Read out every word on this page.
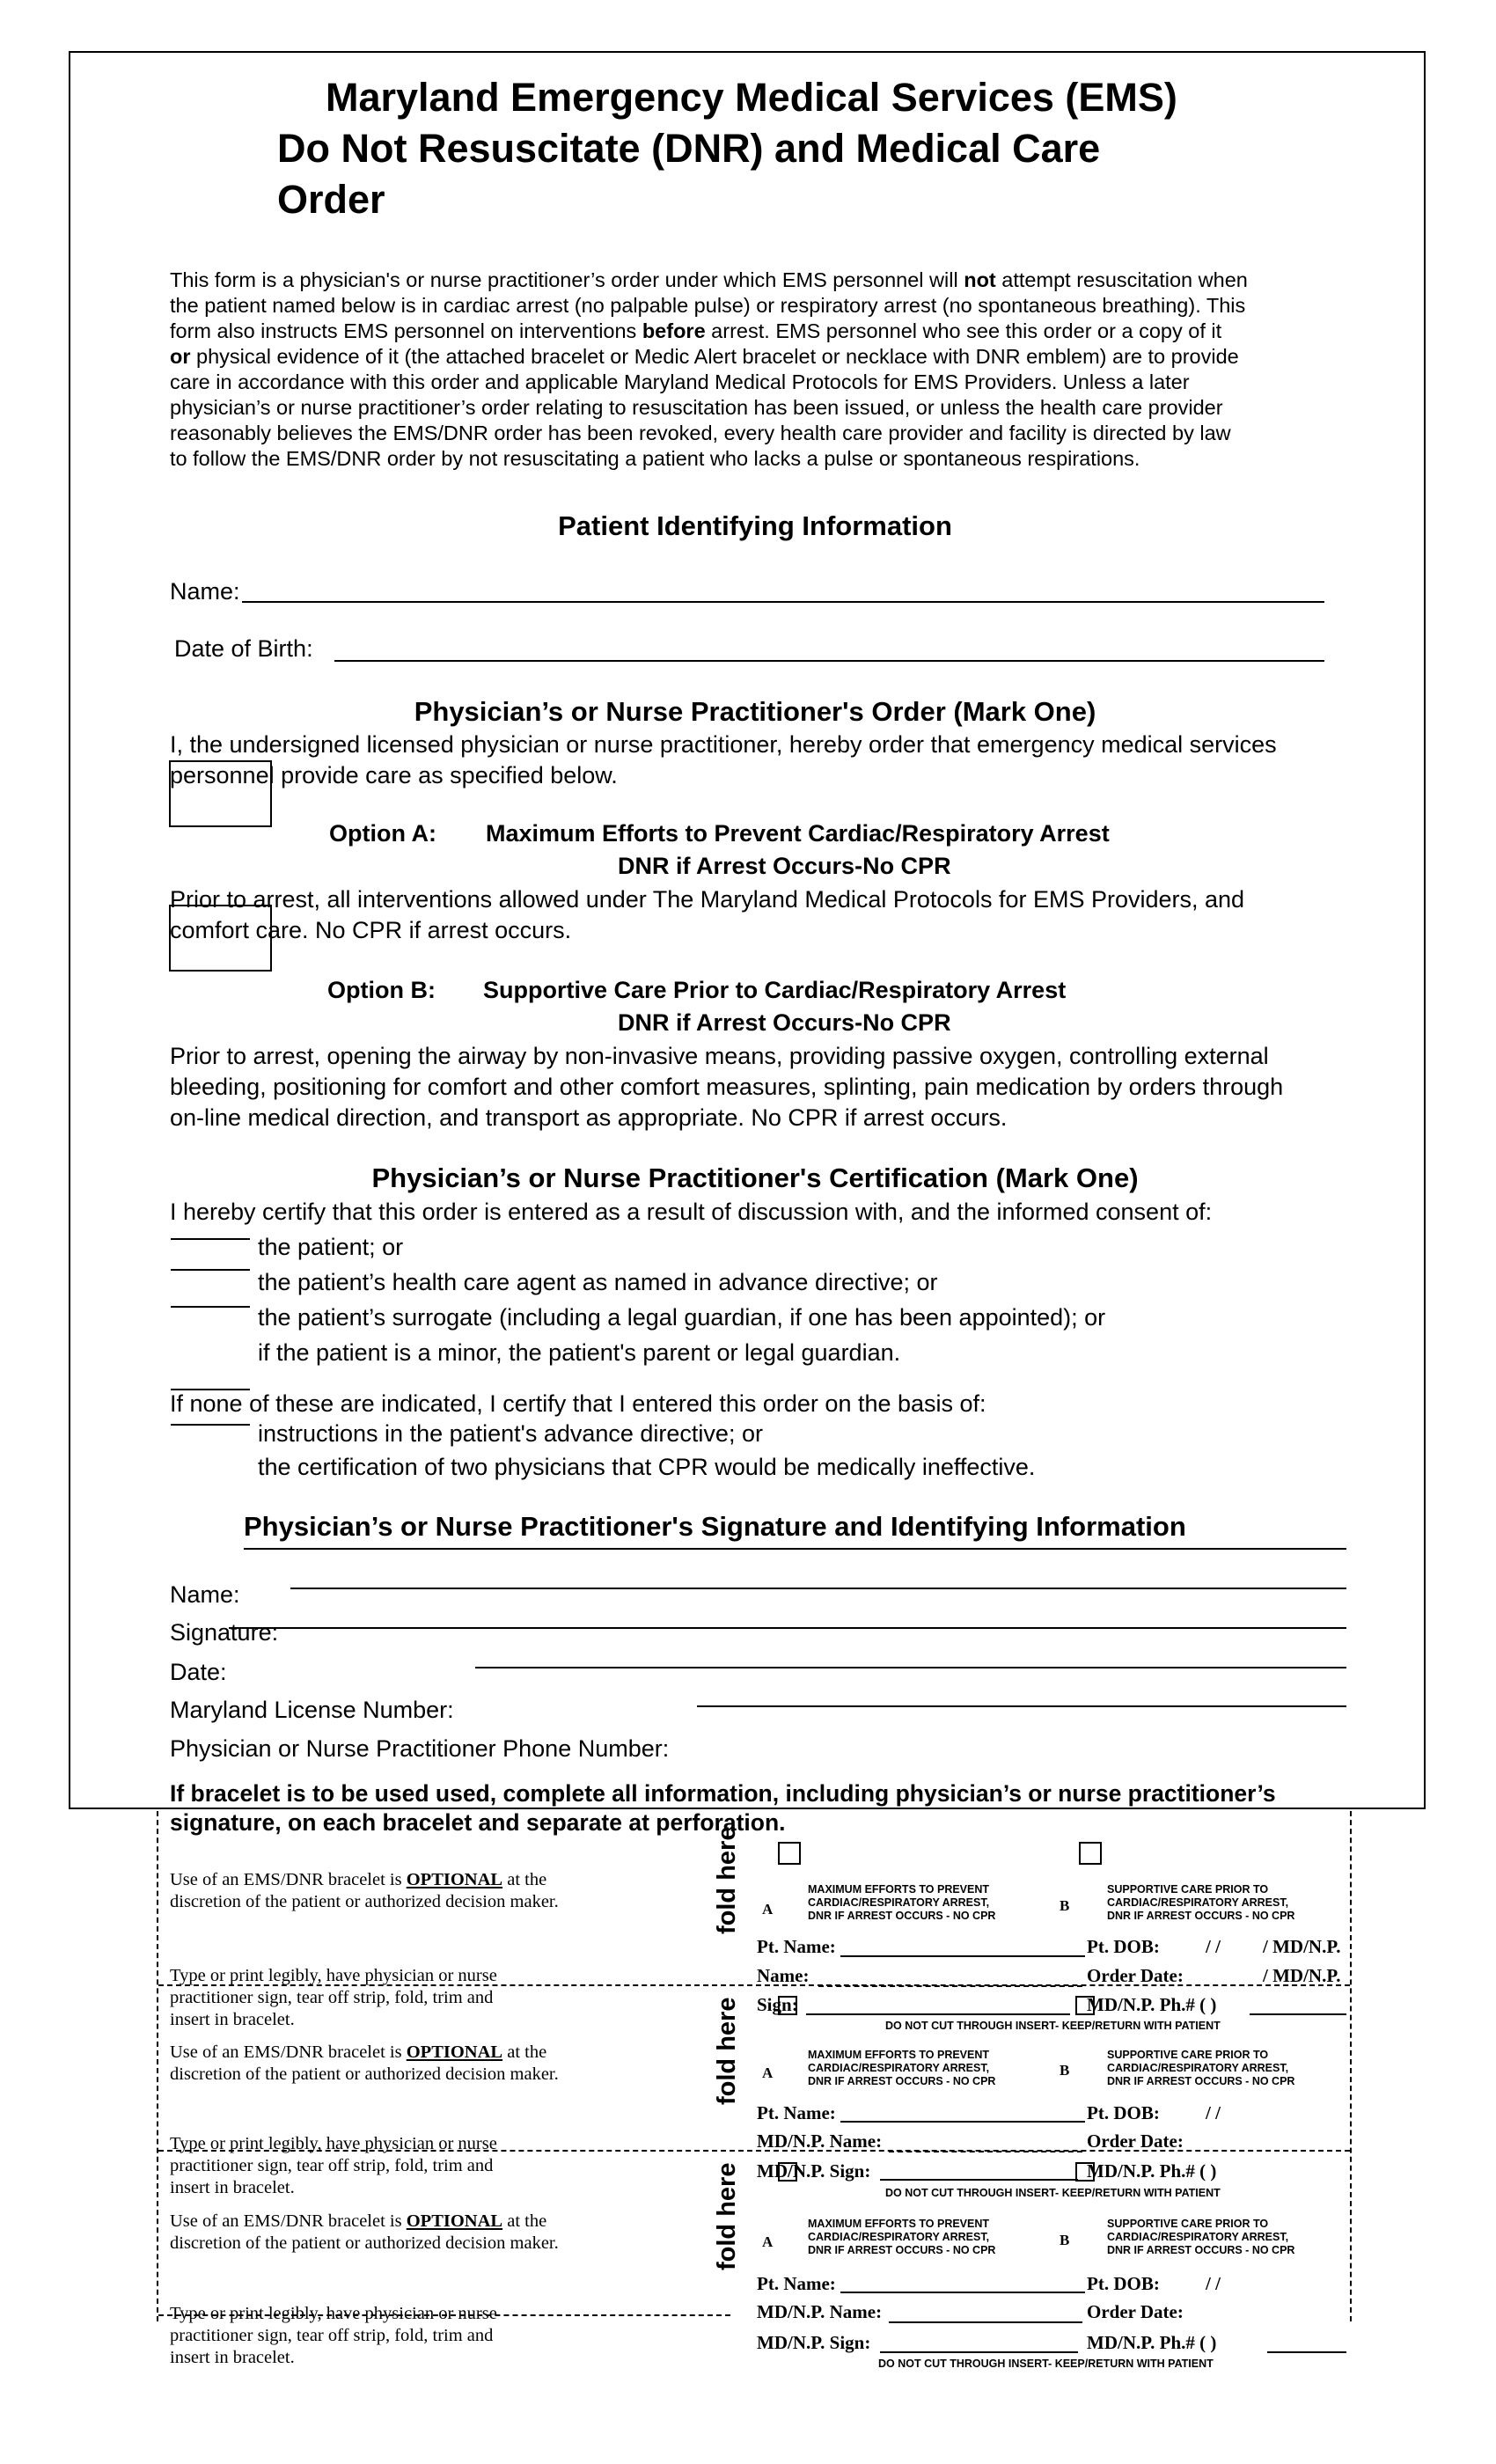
Maryland Emergency Medical Services (EMS)
Do Not Resuscitate (DNR) and Medical Care
Order
This form is a physician's or nurse practitioner’s order under which EMS personnel will not attempt resuscitation when
the patient named below is in cardiac arrest (no palpable pulse) or respiratory arrest (no spontaneous breathing). This
form also instructs EMS personnel on interventions before arrest. EMS personnel who see this order or a copy of it
or physical evidence of it (the attached bracelet or Medic Alert bracelet or necklace with DNR emblem) are to provide
care in accordance with this order and applicable Maryland Medical Protocols for EMS Providers. Unless a later
physician’s or nurse practitioner’s order relating to resuscitation has been issued, or unless the health care provider
reasonably believes the EMS/DNR order has been revoked, every health care provider and facility is directed by law
to follow the EMS/DNR order by not resuscitating a patient who lacks a pulse or spontaneous respirations.
Patient Identifying Information
Name:
Date of Birth:
Physician’s or Nurse Practitioner's Order (Mark One)
I, the undersigned licensed physician or nurse practitioner, hereby order that emergency medical services
personnel provide care as specified below.
Option A: Maximum Efforts to Prevent Cardiac/Respiratory Arrest
DNR if Arrest Occurs-No CPR
Prior to arrest, all interventions allowed under The Maryland Medical Protocols for EMS Providers, and
comfort care. No CPR if arrest occurs.
Option B: Supportive Care Prior to Cardiac/Respiratory Arrest
DNR if Arrest Occurs-No CPR
Prior to arrest, opening the airway by non-invasive means, providing passive oxygen, controlling external
bleeding, positioning for comfort and other comfort measures, splinting, pain medication by orders through
on-line medical direction, and transport as appropriate. No CPR if arrest occurs.
Physician’s or Nurse Practitioner's Certification (Mark One)
I hereby certify that this order is entered as a result of discussion with, and the informed consent of:
the patient; or
the patient’s health care agent as named in advance directive; or
the patient’s surrogate (including a legal guardian, if one has been appointed); or
if the patient is a minor, the patient's parent or legal guardian.
If none of these are indicated, I certify that I entered this order on the basis of:
instructions in the patient's advance directive; or
the certification of two physicians that CPR would be medically ineffective.
Physician’s or Nurse Practitioner's Signature and Identifying Information
Name:
Signature:
Date:
Maryland License Number:
Physician or Nurse Practitioner Phone Number:
If bracelet is to be used used, complete all information, including physician’s or nurse practitioner’s
signature, on each bracelet and separate at perforation.
Use of an EMS/DNR bracelet is OPTIONAL at the
discretion of the patient or authorized decision maker.
Type or print legibly, have physician or nurse
practitioner sign, tear off strip, fold, trim and
insert in bracelet.
Use of an EMS/DNR bracelet is OPTIONAL at the
discretion of the patient or authorized decision maker.
Type or print legibly, have physician or nurse
practitioner sign, tear off strip, fold, trim and
insert in bracelet.
Use of an EMS/DNR bracelet is OPTIONAL at the
discretion of the patient or authorized decision maker.
Type or print legibly, have physician or nurse
practitioner sign, tear off strip, fold, trim and
insert in bracelet.
fold here
fold here
fold here
A
MAXIMUM EFFORTS TO PREVENT
CARDIAC/RESPIRATORY ARREST,
DNR IF ARREST OCCURS - NO CPR
B
SUPPORTIVE CARE PRIOR TO
CARDIAC/RESPIRATORY ARREST,
DNR IF ARREST OCCURS - NO CPR
Pt. Name:	Pt. DOB: / / / MD/N.P.
Name:	Order Date:	/ MD/N.P.
Sign:	MD/N.P. Ph.# ( )
DO NOT CUT THROUGH INSERT- KEEP/RETURN WITH PATIENT
A
MAXIMUM EFFORTS TO PREVENT
CARDIAC/RESPIRATORY ARREST,
DNR IF ARREST OCCURS - NO CPR
B
SUPPORTIVE CARE PRIOR TO
CARDIAC/RESPIRATORY ARREST,
DNR IF ARREST OCCURS - NO CPR
Pt. Name:	Pt. DOB: / /
MD/N.P. Name:	Order Date:
MD/N.P. Sign:	MD/N.P. Ph.# ( )
DO NOT CUT THROUGH INSERT- KEEP/RETURN WITH PATIENT
A
MAXIMUM EFFORTS TO PREVENT
CARDIAC/RESPIRATORY ARREST,
DNR IF ARREST OCCURS - NO CPR
B
SUPPORTIVE CARE PRIOR TO
CARDIAC/RESPIRATORY ARREST,
DNR IF ARREST OCCURS - NO CPR
Pt. Name:	Pt. DOB: / /
MD/N.P. Name:	Order Date:
MD/N.P. Sign:	MD/N.P. Ph.# ( )
DO NOT CUT THROUGH INSERT- KEEP/RETURN WITH PATIENT
